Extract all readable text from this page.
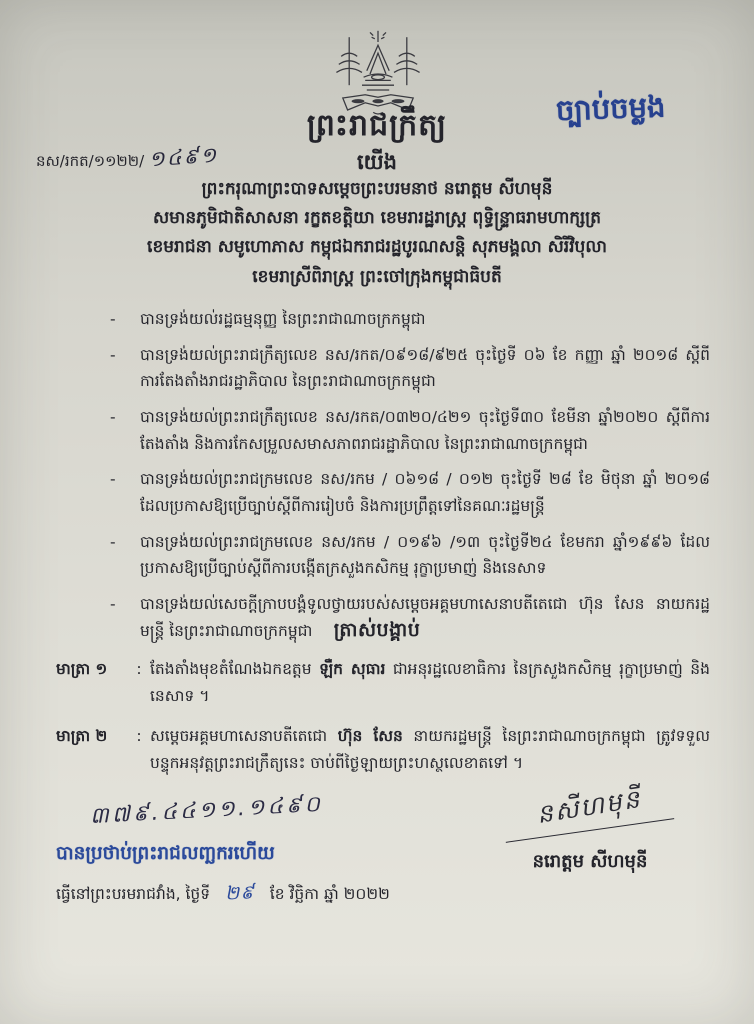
ច្បាប់ចម្លង
ព្រះរាជក្រឹត្យ
យើង
នស/រកត/១១២២/ ១៤៩១
ព្រះករុណាព្រះបាទសម្តេចព្រះបរមនាថ នរោត្តម សីហមុនី
សមានភូមិជាតិសាសនា រក្ខតខត្តិយា ខេមរារដ្ឋរាស្ត្រ ពុទ្ធិន្ទ្រាធរាមហាក្សត្រ
ខេមរាជនា សមូហោភាស កម្ពុជឯករាជរដ្ឋបូរណសន្តិ សុភមង្គលា សិរីវិបុលា
ខេមរាស្រីពិរាស្ត្រ ព្រះចៅក្រុងកម្ពុជាធិបតី
-	បានទ្រង់យល់រដ្ឋធម្មនុញ្ញ នៃព្រះរាជាណាចក្រកម្ពុជា
-	បានទ្រង់យល់ព្រះរាជក្រឹត្យលេខ នស/រកត/០៩១៨/៩២៥ ចុះថ្ងៃទី ០៦ ខែ កញ្ញា ឆ្នាំ ២០១៨ ស្តីពីការតែងតាំងរាជរដ្ឋាភិបាល នៃព្រះរាជាណាចក្រកម្ពុជា
-	បានទ្រង់យល់ព្រះរាជក្រឹត្យលេខ នស/រកត/០៣២០/៤២១ ចុះថ្ងៃទី៣០ ខែមីនា ឆ្នាំ២០២០ ស្តីពីការតែងតាំង និងការកែសម្រួលសមាសភាពរាជរដ្ឋាភិបាល នៃព្រះរាជាណាចក្រកម្ពុជា
-	បានទ្រង់យល់ព្រះរាជក្រមលេខ នស/រកម / ០៦១៨ / ០១២ ចុះថ្ងៃទី ២៨ ខែ មិថុនា ឆ្នាំ ២០១៨ ដែលប្រកាសឱ្យប្រើច្បាប់ស្តីពីការរៀបចំ និងការប្រព្រឹត្តទៅនៃគណៈរដ្ឋមន្ត្រី
-	បានទ្រង់យល់ព្រះរាជក្រមលេខ នស/រកម / ០១៩៦ /១៣ ចុះថ្ងៃទី២៤ ខែមករា ឆ្នាំ១៩៩៦ ដែលប្រកាសឱ្យប្រើច្បាប់ស្តីពីការបង្កើតក្រសួងកសិកម្ម រុក្ខាប្រមាញ់ និងនេសាទ
-	បានទ្រង់យល់សេចក្តីក្រាបបង្គំទូលថ្វាយរបស់សម្តេចអគ្គមហាសេនាបតីតេជោ ហ៊ុន សែន នាយករដ្ឋមន្ត្រី នៃព្រះរាជាណាចក្រកម្ពុជា	ត្រាស់បង្គាប់
មាត្រា ១	: តែងតាំងមុខតំណែងឯកឧត្តម ឡឺក សុធារ ជាអនុរដ្ឋលេខាធិការ នៃក្រសួងកសិកម្ម រុក្ខាប្រមាញ់ និងនេសាទ ។
មាត្រា ២	: សម្តេចអគ្គមហាសេនាបតីតេជោ ហ៊ុន សែន នាយករដ្ឋមន្ត្រី នៃព្រះរាជាណាចក្រកម្ពុជា ត្រូវទទួលបន្ទុកអនុវត្តព្រះរាជក្រឹត្យនេះ ចាប់ពីថ្ងៃឡាយព្រះហស្ថលេខាតទៅ ។
៣៧៩.៤៤១១.១៤៩០
បានប្រថាប់ព្រះរាជលញ្ឆករហើយ
ធ្វើនៅព្រះបរមរាជវាំង, ថ្ងៃទី ២៩ ខែ វិច្ឆិកា ឆ្នាំ ២០២២
នសីហមុនី
នរោត្តម សីហមុនី
